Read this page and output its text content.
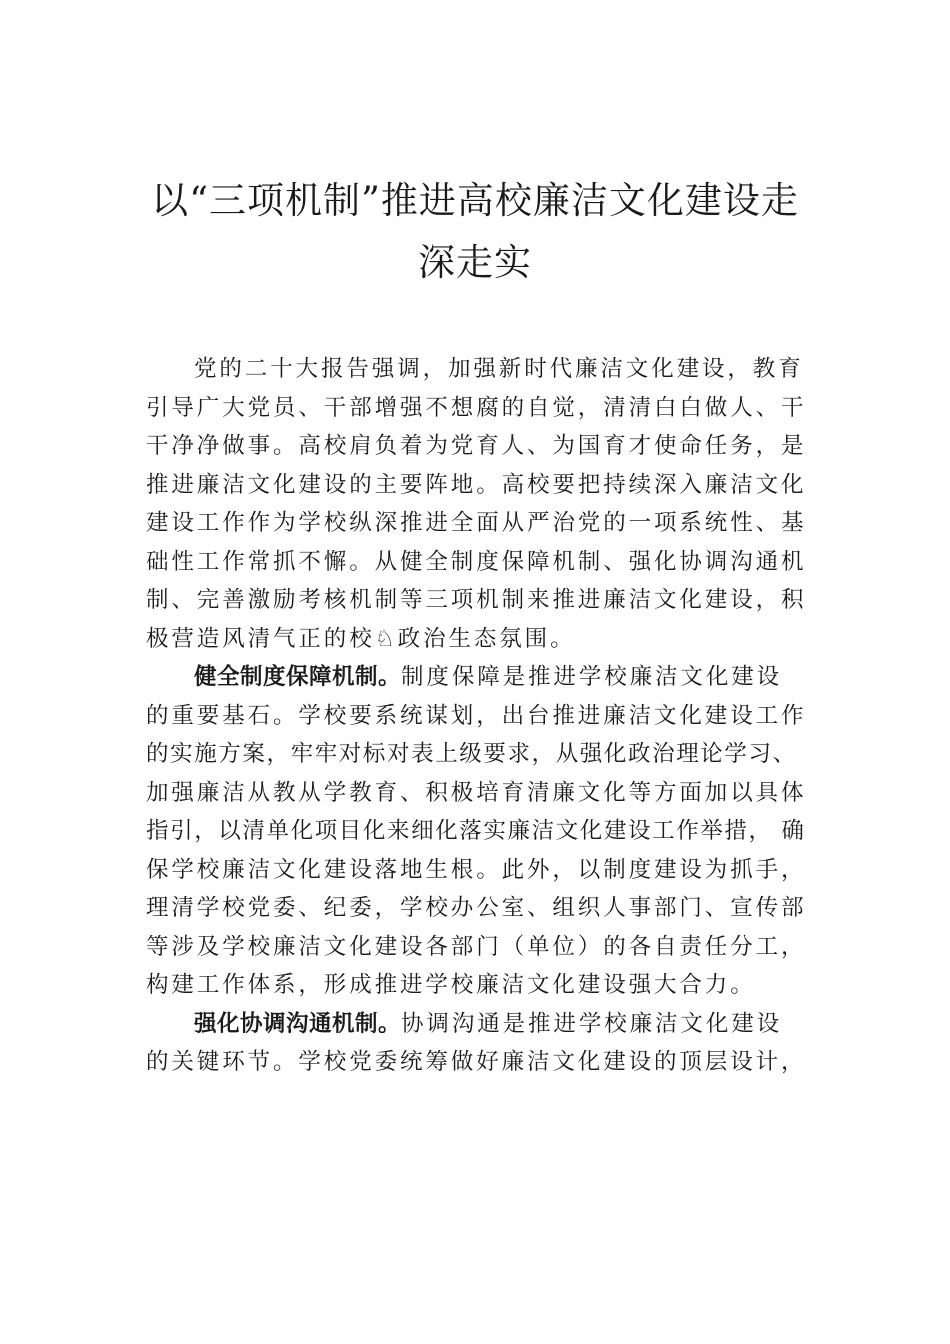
以“三项机制”推进高校廉洁文化建设走
深走实
党的二十大报告强调，加强新时代廉洁文化建设，教育
引导广大党员、干部增强不想腐的自觉，清清白白做人、干
干净净做事。高校肩负着为党育人、为国育才使命任务，是
推进廉洁文化建设的主要阵地。高校要把持续深入廉洁文化
建设工作作为学校纵深推进全面从严治党的一项系统性、基
础性工作常抓不懈。从健全制度保障机制、强化协调沟通机
制、完善激励考核机制等三项机制来推进廉洁文化建设，积
极营造风清气正的校♘政治生态氛围。
健全制度保障机制。制度保障是推进学校廉洁文化建设
的重要基石。学校要系统谋划，出台推进廉洁文化建设工作
的实施方案，牢牢对标对表上级要求，从强化政治理论学习、
加强廉洁从教从学教育、积极培育清廉文化等方面加以具体
指引，以清单化项目化来细化落实廉洁文化建设工作举措， 确
保学校廉洁文化建设落地生根。此外，以制度建设为抓手，
理清学校党委、纪委，学校办公室、组织人事部门、宣传部
等涉及学校廉洁文化建设各部门（单位）的各自责任分工，
构建工作体系，形成推进学校廉洁文化建设强大合力。
强化协调沟通机制。协调沟通是推进学校廉洁文化建设
的关键环节。学校党委统筹做好廉洁文化建设的顶层设计，
